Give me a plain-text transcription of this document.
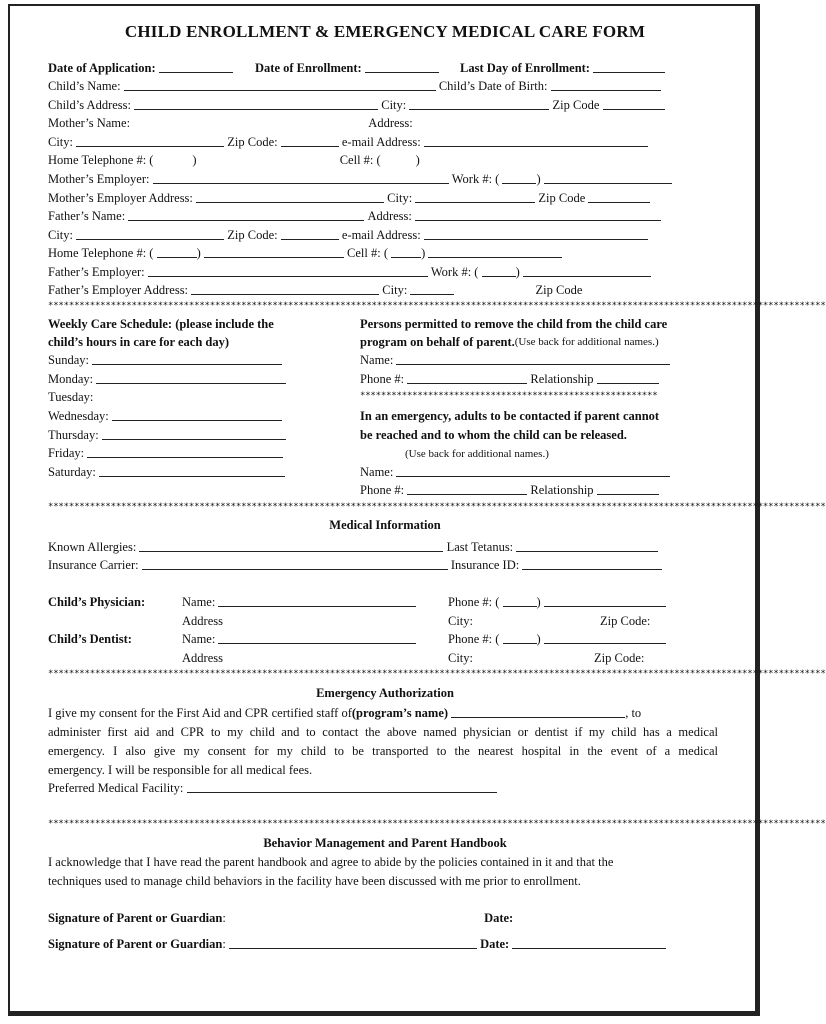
CHILD ENROLLMENT & EMERGENCY MEDICAL CARE FORM
Date of Application:	Date of Enrollment:	Last Day of Enrollment:
Child’s Name:	Child’s Date of Birth:
Child’s Address:	City:	Zip Code
Mother’s Name:	Address:
City:	Zip Code:	e-mail Address:
Home Telephone #: (	)	Cell #: (	)
Mother’s Employer:	Work #: (	)
Mother’s Employer Address:	City:	Zip Code
Father’s Name:	Address:
City:	Zip Code:	e-mail Address:
Home Telephone #: (	)	Cell #: (	)
Father’s Employer:	Work #: (	)
Father’s Employer Address:	City:	Zip Code
*****************************************************************************************************************************************************
Weekly Care Schedule: (please include the
child’s hours in care for each day)
Sunday:
Monday:
Tuesday:
Wednesday:
Thursday:
Friday:
Saturday:
Persons permitted to remove the child from the child care
program on behalf of parent.(Use back for additional names.)
Name:
Phone #:	Relationship
*********************************************************
In an emergency, adults to be contacted if parent cannot
be reached and to whom the child can be released.
(Use back for additional names.)
Name:
Phone #:	Relationship
*****************************************************************************************************************************************************
Medical Information
Known Allergies:	Last Tetanus:
Insurance Carrier:	Insurance ID:
Child’s Physician:	Name:	Phone #: (	)
Address	City:	Zip Code:
Child’s Dentist:	Name:	Phone #: (	)
Address	City:	Zip Code:
*****************************************************************************************************************************************************
Emergency Authorization
I give my consent for the First Aid and CPR certified staff of(program’s name)	, to
administer first aid and CPR to my child and to contact the above named physician or dentist if my child has a medical
emergency. I also give my consent for my child to be transported to the nearest hospital in the event of a medical
emergency. I will be responsible for all medical fees.
Preferred Medical Facility:
*****************************************************************************************************************************************************
Behavior Management and Parent Handbook
I acknowledge that I have read the parent handbook and agree to abide by the policies contained in it and that the
techniques used to manage child behaviors in the facility have been discussed with me prior to enrollment.
Signature of Parent or Guardian:	Date:
Signature of Parent or Guardian:	Date:
